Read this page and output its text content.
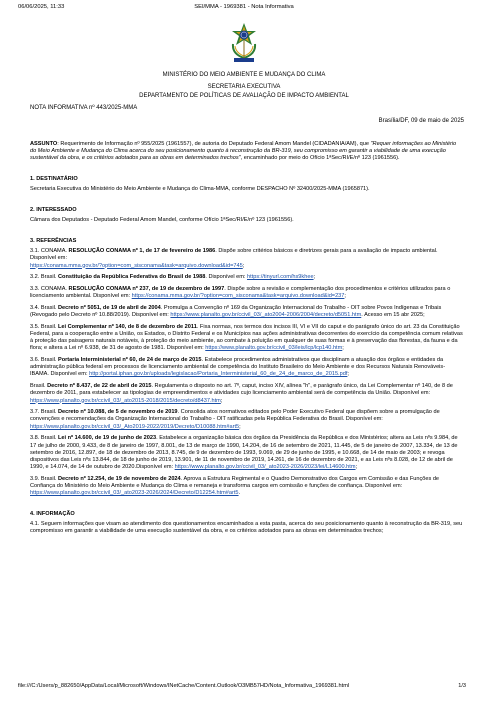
06/06/2025, 11:33	SEI/MMA - 1969381 - Nota Informativa
MINISTÉRIO DO MEIO AMBIENTE E MUDANÇA DO CLIMA
SECRETARIA EXECUTIVA
DEPARTAMENTO DE POLÍTICAS DE AVALIAÇÃO DE IMPACTO AMBIENTAL
NOTA INFORMATIVA nº 443/2025-MMA
Brasília/DF, 09 de maio de 2025

ASSUNTO: Requerimento de Informação nº 955/2025 (1961557), de autoria do Deputado Federal Amom Mandel (CIDADANIA/AM), que "Requer informações ao Ministério do Meio Ambiente e Mudança do Clima acerca do seu posicionamento quanto à reconstrução da BR-319, seu compromisso em garantir a viabilidade de uma execução sustentável da obra, e os critérios adotados para as obras em determinados trechos", encaminhado por meio do Ofício 1ªSec/RI/E/nº 123 (1961556).

1. DESTINATÁRIO

Secretaria Executiva do Ministério do Meio Ambiente e Mudança do Clima-MMA, conforme DESPACHO Nº 32400/2025-MMA (1965871).

2. INTERESSADO

Câmara dos Deputados - Deputado Federal Amom Mandel, conforme Ofício 1ªSec/RI/E/nº 123 (1961556).

3. REFERÊNCIAS

3.1. CONAMA. RESOLUÇÃO CONAMA nº 1, de 17 de fevereiro de 1986. Dispõe sobre critérios básicos e diretrizes gerais para a avaliação de impacto ambiental. Disponível em:
https://conama.mma.gov.br/?option=com_sisconama&task=arquivo.download&id=745;

3.2. Brasil. Constituição da República Federativa do Brasil de 1988. Disponível em: https://tinyurl.com/hs9khee;

3.3. CONAMA. RESOLUÇÃO CONAMA nº 237, de 19 de dezembro de 1997. Dispõe sobre a revisão e complementação dos procedimentos e critérios utilizados para o licenciamento ambiental. Disponível em: https://conama.mma.gov.br/?option=com_sisconama&task=arquivo.download&id=237;

3.4. Brasil. Decreto nº 5051, de 19 de abril de 2004. Promulga a Convenção nº 169 da Organização Internacional do Trabalho - OIT sobre Povos Indígenas e Tribais (Revogado pelo Decreto nº 10.88/2019). Disponível em: https://www.planalto.gov.br/ccivil_03/_ato2004-2006/2004/decreto/d5051.htm. Acesso em 15 abr 2025;

3.5. Brasil. Lei Complementar nº 140, de 8 de dezembro de 2011. Fixa normas, nos termos dos incisos III, VI e VII do caput e do parágrafo único do art. 23 da Constituição Federal, para a cooperação entre a União, os Estados, o Distrito Federal e os Municípios nas ações administrativas decorrentes do exercício da competência comum relativas à proteção das paisagens naturais notáveis, à proteção do meio ambiente, ao combate à poluição em qualquer de suas formas e à preservação das florestas, da fauna e da flora; e altera a Lei nº 6.938, de 31 de agosto de 1981. Disponível em: https://www.planalto.gov.br/ccivil_03/leis/lcp/lcp140.htm;

3.6. Brasil. Portaria Interministerial nº 60, de 24 de março de 2015. Estabelece procedimentos administrativos que disciplinam a atuação dos órgãos e entidades da administração pública federal em processos de licenciamento ambiental de competência do Instituto Brasileiro do Meio Ambiente e dos Recursos Naturais Renováveis-IBAMA. Disponível em: http://portal.iphan.gov.br/uploads/legislacao/Portaria_Interministerial_60_de_24_de_marco_de_2015.pdf;

Brasil. Decreto nº 8.437, de 22 de abril de 2015. Regulamenta o disposto no art. 7º, caput, inciso XIV, alínea "h", e parágrafo único, da Lei Complementar nº 140, de 8 de dezembro de 2011, para estabelecer as tipologias de empreendimentos e atividades cujo licenciamento ambiental será de competência da União. Disponível em: https://www.planalto.gov.br/ccivil_03/_ato2015-2018/2015/decreto/d8437.htm;

3.7. Brasil. Decreto nº 10.088, de 5 de novembro de 2019. Consolida atos normativos editados pelo Poder Executivo Federal que dispõem sobre a promulgação de convenções e recomendações da Organização Internacional do Trabalho - OIT ratificadas pela República Federativa do Brasil. Disponível em: https://www.planalto.gov.br/ccivil_03/_Ato2019-2022/2019/Decreto/D10088.htm#art5;

3.8. Brasil. Lei nº 14.600, de 19 de junho de 2023. Estabelece a organização básica dos órgãos da Presidência da República e dos Ministérios; altera as Leis nºs 9.984, de 17 de julho de 2000, 9.433, de 8 de janeiro de 1997, 8.001, de 13 de março de 1990, 14.204, de 16 de setembro de 2021, 11.445, de 5 de janeiro de 2007, 13.334, de 13 de setembro de 2016, 12.897, de 18 de dezembro de 2013, 8.745, de 9 de dezembro de 1993, 9.069, de 29 de junho de 1995, e 10.668, de 14 de maio de 2003; e revoga dispositivos das Leis nºs 13.844, de 18 de junho de 2019, 13.901, de 11 de novembro de 2019, 14.261, de 16 de dezembro de 2021, e as Leis nºs 8.028, de 12 de abril de 1990, e 14.074, de 14 de outubro de 2020.Disponível em: https://www.planalto.gov.br/ccivil_03/_ato2023-2026/2023/lei/L14600.htm;

3.9. Brasil. Decreto nº 12.254, de 19 de novembro de 2024. Aprova a Estrutura Regimental e o Quadro Demonstrativo dos Cargos em Comissão e das Funções de Confiança do Ministério do Meio Ambiente e Mudança do Clima e remaneja e transforma cargos em comissão e funções de confiança. Disponível em: https://www.planalto.gov.br/ccivil_03/_ato2023-2026/2024/Decreto/D12254.htm#art5.

4. INFORMAÇÃO

4.1. Seguem informações que visam ao atendimento dos questionamentos encaminhados a esta pasta, acerca do seu posicionamento quanto à reconstrução da BR-319, seu compromisso em garantir a viabilidade de uma execução sustentável da obra, e os critérios adotados para as obras em determinados trechos;

file:///C:/Users/p_882650/AppData/Local/Microsoft/Windows/INetCache/Content.Outlook/O3MB57HD/Nota_Informativa_1969381.html	1/3
